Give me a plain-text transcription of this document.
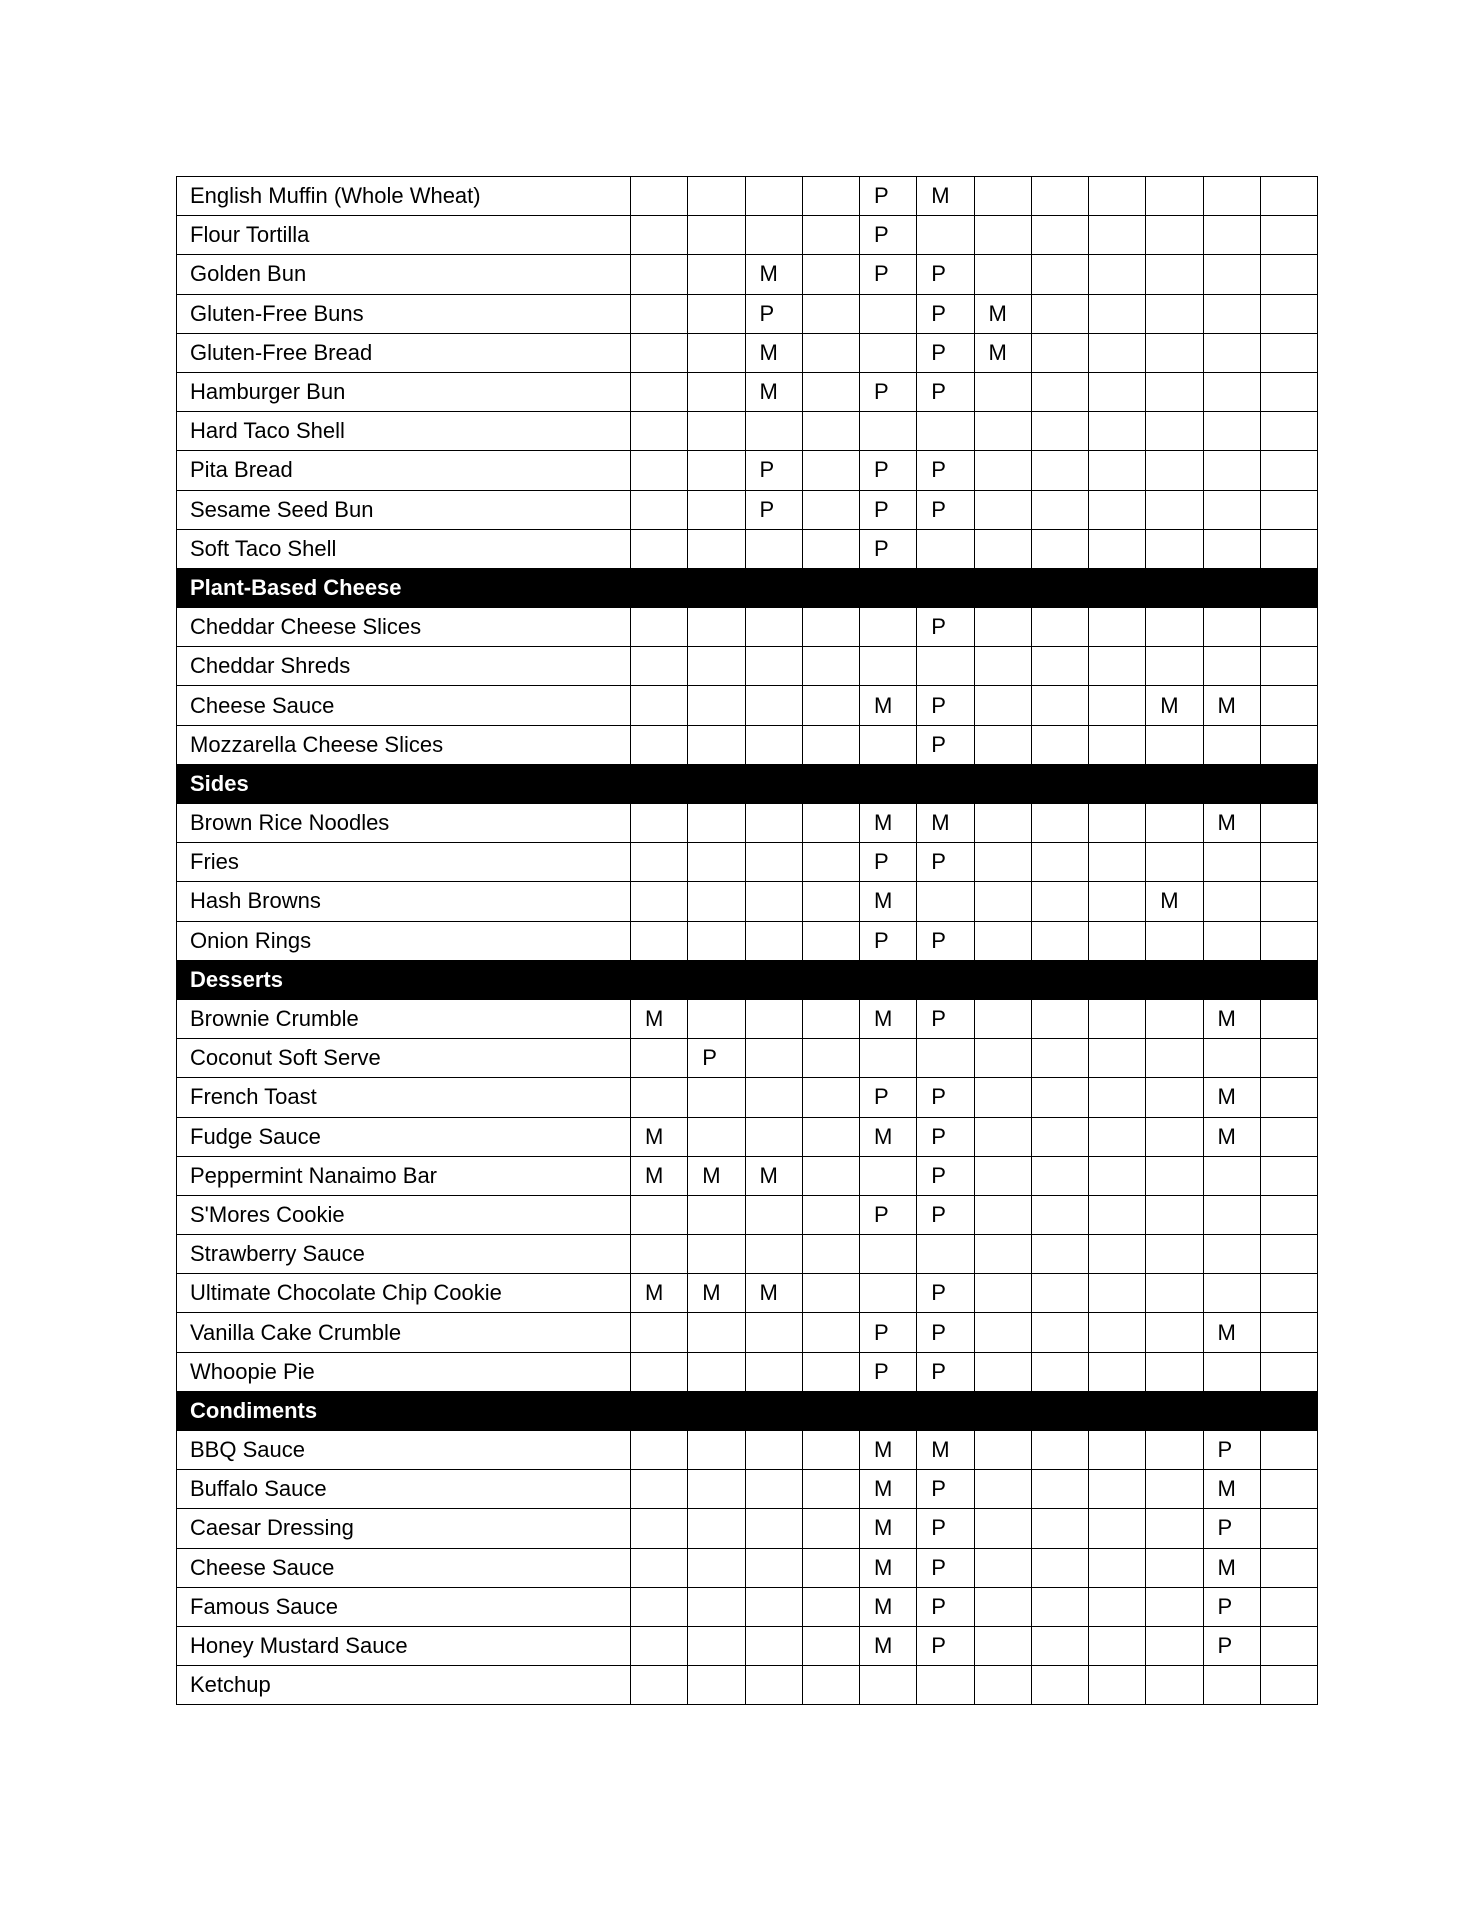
English Muffin (Whole Wheat)					P	M						
Flour Tortilla					P							
Golden Bun			M		P	P						
Gluten-Free Buns			P			P	M					
Gluten-Free Bread			M			P	M					
Hamburger Bun			M		P	P						
Hard Taco Shell												
Pita Bread			P		P	P						
Sesame Seed Bun			P		P	P						
Soft Taco Shell					P							
Plant-Based Cheese												
Cheddar Cheese Slices						P						
Cheddar Shreds												
Cheese Sauce					M	P				M	M	
Mozzarella Cheese Slices						P						
Sides												
Brown Rice Noodles					M	M					M	
Fries					P	P						
Hash Browns					M					M		
Onion Rings					P	P						
Desserts												
Brownie Crumble	M				M	P					M	
Coconut Soft Serve		P										
French Toast					P	P					M	
Fudge Sauce	M				M	P					M	
Peppermint Nanaimo Bar	M	M	M			P						
S'Mores Cookie					P	P						
Strawberry Sauce												
Ultimate Chocolate Chip Cookie	M	M	M			P						
Vanilla Cake Crumble					P	P					M	
Whoopie Pie					P	P						
Condiments												
BBQ Sauce					M	M					P	
Buffalo Sauce					M	P					M	
Caesar Dressing					M	P					P	
Cheese Sauce					M	P					M	
Famous Sauce					M	P					P	
Honey Mustard Sauce					M	P					P	
Ketchup												
